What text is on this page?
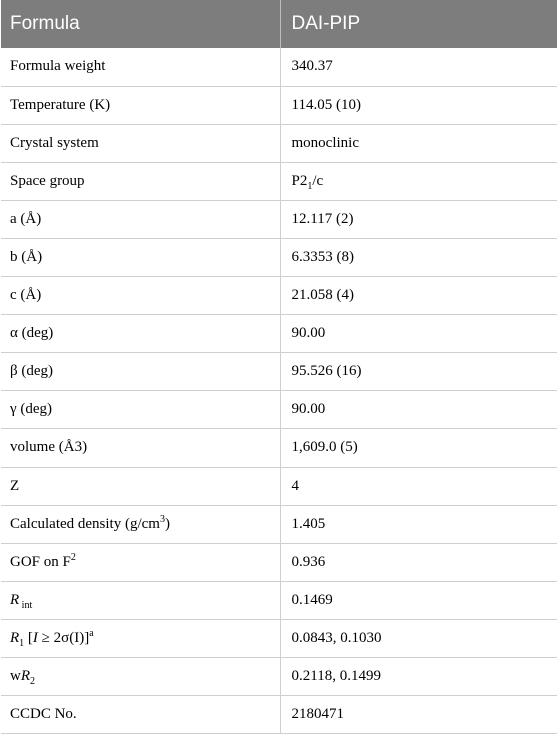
Formula	DAI-PIP
Formula weight	340.37
Temperature (K)	114.05 (10)
Crystal system	monoclinic
Space group	$P2_1/c$
a (Å)	12.117 (2)
b (Å)	6.3353 (8)
c (Å)	21.058 (4)
α (deg)	90.00
β (deg)	95.526 (16)
γ (deg)	90.00
volume (Å3)	1,609.0 (5)
Z	4
Calculated density $(g/cm^3)$	1.405
GOF on $F^2$	0.936
R $_{int}$	0.1469
$R_1$ [I ≥ 2σ(I)]$^a$	0.0843, 0.1030
$wR_2$	0.2118, 0.1499
CCDC No.	2180471
